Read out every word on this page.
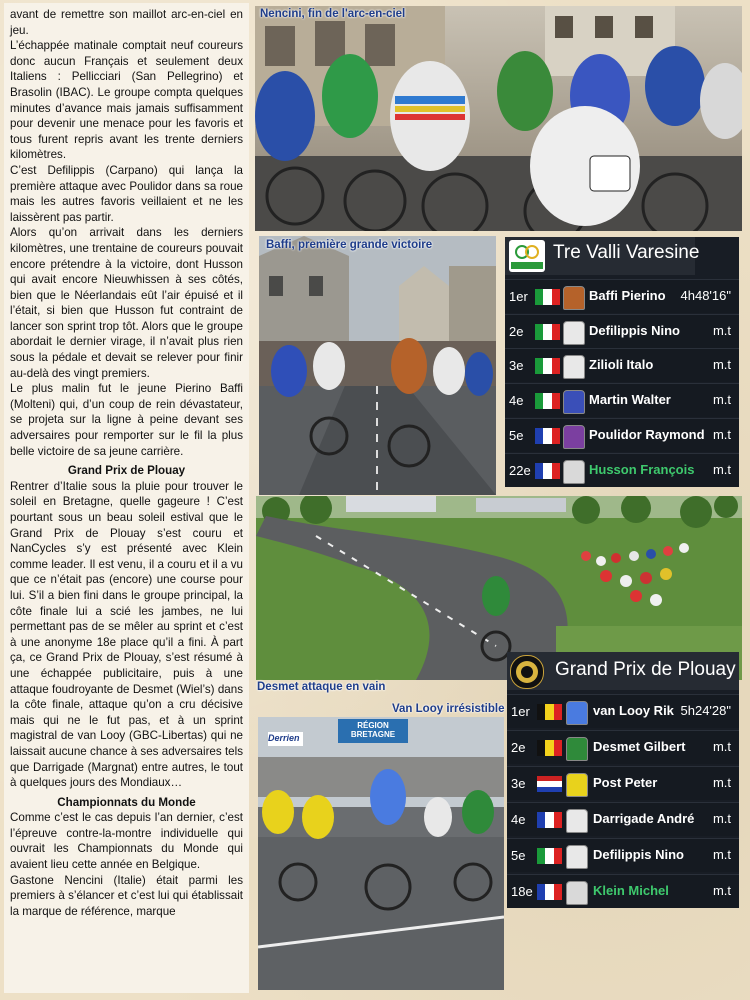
avant de remettre son maillot arc-en-ciel en jeu.

L’échappée matinale comptait neuf coureurs donc aucun Français et seulement deux Italiens : Pellicciari (San Pellegrino) et Brasolin (IBAC). Le groupe compta quelques minutes d’avance mais jamais suffisamment pour devenir une menace pour les favoris et tous furent repris avant les trente derniers kilomètres.

C’est Defilippis (Carpano) qui lança la première attaque avec Poulidor dans sa roue mais les autres favoris veillaient et ne les laissèrent pas partir.

Alors qu’on arrivait dans les derniers kilomètres, une trentaine de coureurs pouvait encore prétendre à la victoire, dont Husson qui avait encore Nieuwhissen à ses côtés, bien que le Néerlandais eût l’air épuisé et il l’était, si bien que Husson fut contraint de lancer son sprint trop tôt. Alors que le groupe abordait le dernier virage, il n’avait plus rien sous la pédale et devait se relever pour finir au-delà des vingt premiers.

Le plus malin fut le jeune Pierino Baffi (Molteni) qui, d’un coup de rein dévastateur, se projeta sur la ligne à peine devant ses adversaires pour remporter sur le fil la plus belle victoire de sa jeune carrière.

Grand Prix de Plouay

Rentrer d’Italie sous la pluie pour trouver le soleil en Bretagne, quelle gageure ! C’est pourtant sous un beau soleil estival que le Grand Prix de Plouay s’est couru et NanCycles s’y est présenté avec Klein comme leader. Il est venu, il a couru et il a vu que ce n’était pas (encore) une course pour lui. S’il a bien fini dans le groupe principal, la côte finale lui a scié les jambes, ne lui permettant pas de se mêler au sprint et c’est à une anonyme 18e place qu’il a fini. À part ça, ce Grand Prix de Plouay, s’est résumé à une échappée publicitaire, puis à une attaque foudroyante de Desmet (Wiel’s) dans la côte finale, attaque qu’on a cru décisive mais qui ne le fut pas, et à un sprint magistral de van Looy (GBC-Libertas) qui ne laissait aucune chance à ses adversaires tels que Darrigade (Margnat) entre autres, le tout à quelques jours des Mondiaux…

Championnats du Monde

Comme c’est le cas depuis l’an dernier, c’est l’épreuve contre-la-montre individuelle qui ouvrait les Championnats du Monde qui avaient lieu cette année en Belgique.

Gastone Nencini (Italie) était parmi les premiers à s’élancer et c’est lui qui établissait la marque de référence, marque

Nencini, fin de l'arc-en-ciel
Baffi, première grande victoire	Tre Valli Varesine
1er	Baffi Pierino 4h48'16"
2e	Defilippis Nino	m.t
3e	Zilioli Italo	m.t
4e	Martin Walter	m.t
5e	Poulidor Raymond m.t
22e	Husson François m.t
Desmet attaque en vain
RÉGION BRETAGNE
Derrien
Van Looy irrésistible
Grand Prix de Plouay
1er	van Looy Rik 5h24'28"
2e	Desmet Gilbert m.t
3e	Post Peter	m.t
4e	Darrigade André m.t
5e	Defilippis Nino m.t
18e	Klein Michel	m.t
